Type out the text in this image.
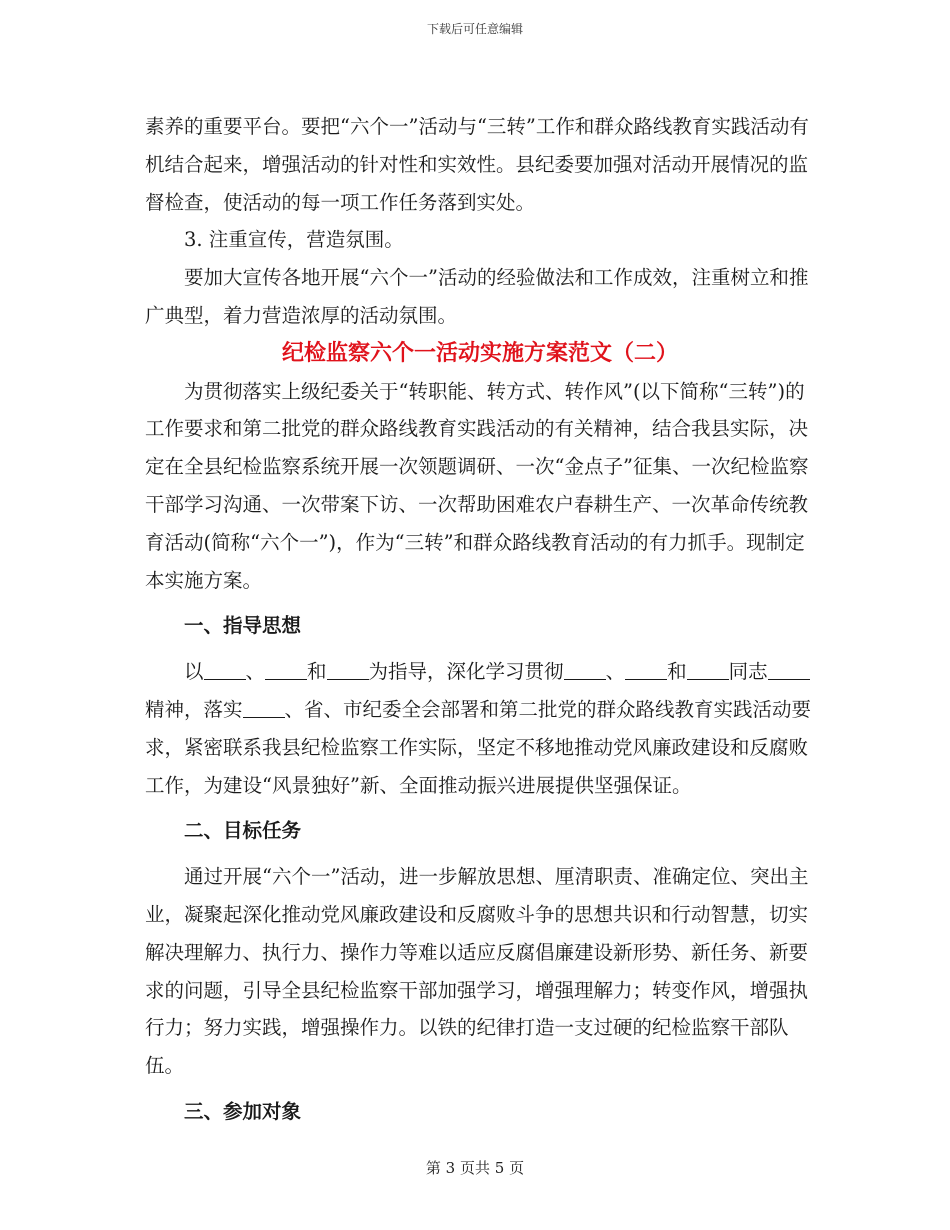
下载后可任意编辑

素养的重要平台。要把“六个一”活动与“三转”工作和群众路线教育实践活动有机结合起来，增强活动的针对性和实效性。县纪委要加强对活动开展情况的监督检查，使活动的每一项工作任务落到实处。

3. 注重宣传，营造氛围。

要加大宣传各地开展“六个一”活动的经验做法和工作成效，注重树立和推广典型，着力营造浓厚的活动氛围。

纪检监察六个一活动实施方案范文（二）

为贯彻落实上级纪委关于“转职能、转方式、转作风”(以下简称“三转”)的工作要求和第二批党的群众路线教育实践活动的有关精神，结合我县实际，决定在全县纪检监察系统开展一次领题调研、一次“金点子”征集、一次纪检监察干部学习沟通、一次带案下访、一次帮助困难农户春耕生产、一次革命传统教育活动(简称“六个一”)，作为“三转”和群众路线教育活动的有力抓手。现制定本实施方案。

一、指导思想

以 、 和 为指导，深化学习贯彻 、 和 同志精神，落实 、省、市纪委全会部署和第二批党的群众路线教育实践活动要求，紧密联系我县纪检监察工作实际，坚定不移地推动党风廉政建设和反腐败工作，为建设“风景独好”新、全面推动振兴进展提供坚强保证。

二、目标任务

通过开展“六个一”活动，进一步解放思想、厘清职责、准确定位、突出主业，凝聚起深化推动党风廉政建设和反腐败斗争的思想共识和行动智慧，切实解决理解力、执行力、操作力等难以适应反腐倡廉建设新形势、新任务、新要求的问题，引导全县纪检监察干部加强学习，增强理解力；转变作风，增强执行力；努力实践，增强操作力。以铁的纪律打造一支过硬的纪检监察干部队伍。

三、参加对象

第 3 页共 5 页
